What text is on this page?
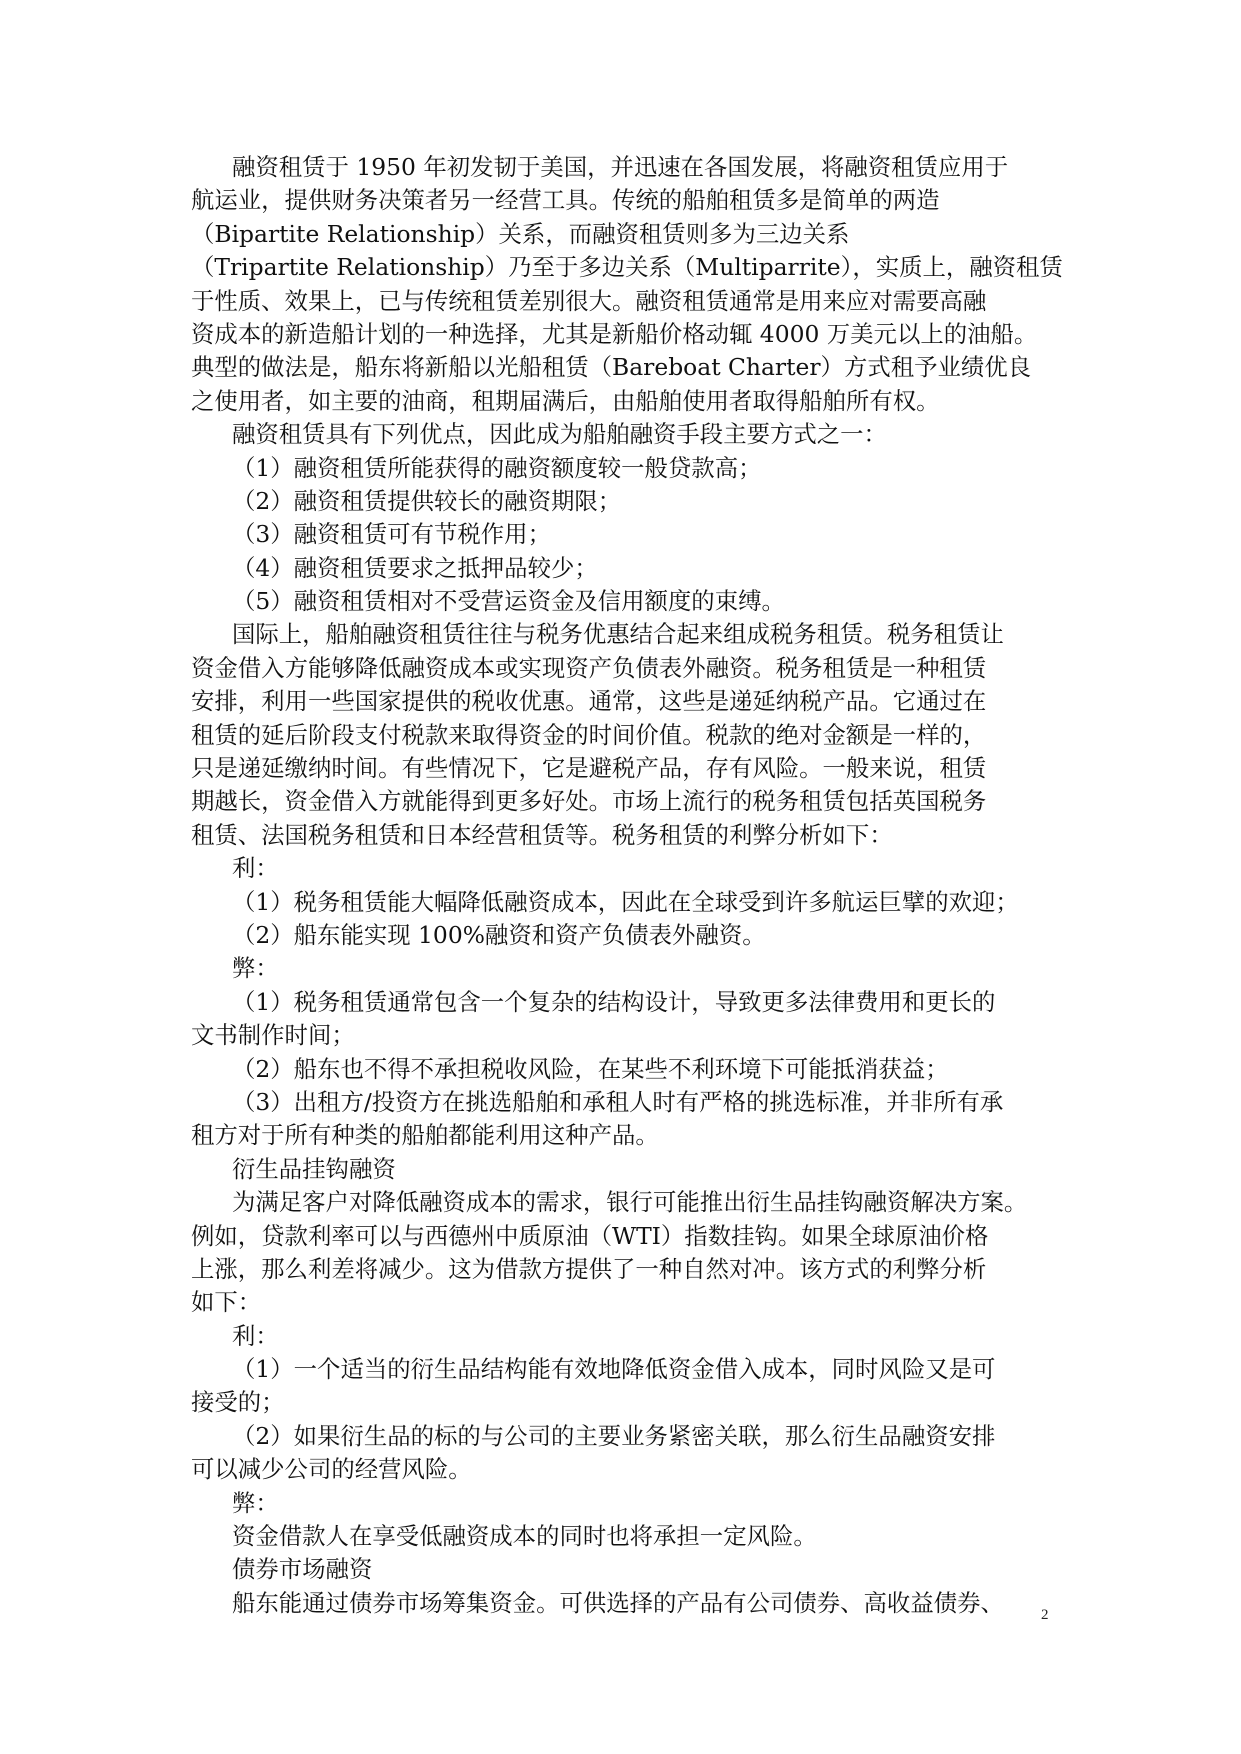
融资租赁于 1950 年初发韧于美国，并迅速在各国发展，将融资租赁应用于
航运业，提供财务决策者另一经营工具。传统的船舶租赁多是简单的两造
（Bipartite Relationship）关系，而融资租赁则多为三边关系
（Tripartite Relationship）乃至于多边关系（Multiparrite），实质上，融资租赁
于性质、效果上，已与传统租赁差别很大。融资租赁通常是用来应对需要高融
资成本的新造船计划的一种选择，尤其是新船价格动辄 4000 万美元以上的油船。
典型的做法是，船东将新船以光船租赁（Bareboat Charter）方式租予业绩优良
之使用者，如主要的油商，租期届满后，由船舶使用者取得船舶所有权。
融资租赁具有下列优点，因此成为船舶融资手段主要方式之一：
（1）融资租赁所能获得的融资额度较一般贷款高；
（2）融资租赁提供较长的融资期限；
（3）融资租赁可有节税作用；
（4）融资租赁要求之抵押品较少；
（5）融资租赁相对不受营运资金及信用额度的束缚。
国际上，船舶融资租赁往往与税务优惠结合起来组成税务租赁。税务租赁让
资金借入方能够降低融资成本或实现资产负债表外融资。税务租赁是一种租赁
安排，利用一些国家提供的税收优惠。通常，这些是递延纳税产品。它通过在
租赁的延后阶段支付税款来取得资金的时间价值。税款的绝对金额是一样的，
只是递延缴纳时间。有些情况下，它是避税产品，存有风险。一般来说，租赁
期越长，资金借入方就能得到更多好处。市场上流行的税务租赁包括英国税务
租赁、法国税务租赁和日本经营租赁等。税务租赁的利弊分析如下：
利：
（1）税务租赁能大幅降低融资成本，因此在全球受到许多航运巨擘的欢迎；
（2）船东能实现 100%融资和资产负债表外融资。
弊：
（1）税务租赁通常包含一个复杂的结构设计，导致更多法律费用和更长的
文书制作时间；
（2）船东也不得不承担税收风险，在某些不利环境下可能抵消获益；
（3）出租方/投资方在挑选船舶和承租人时有严格的挑选标准，并非所有承
租方对于所有种类的船舶都能利用这种产品。
衍生品挂钩融资
为满足客户对降低融资成本的需求，银行可能推出衍生品挂钩融资解决方案。
例如，贷款利率可以与西德州中质原油（WTI）指数挂钩。如果全球原油价格
上涨，那么利差将减少。这为借款方提供了一种自然对冲。该方式的利弊分析
如下：
利：
（1）一个适当的衍生品结构能有效地降低资金借入成本，同时风险又是可
接受的；
（2）如果衍生品的标的与公司的主要业务紧密关联，那么衍生品融资安排
可以减少公司的经营风险。
弊：
资金借款人在享受低融资成本的同时也将承担一定风险。
债券市场融资
船东能通过债券市场筹集资金。可供选择的产品有公司债券、高收益债券、	2
